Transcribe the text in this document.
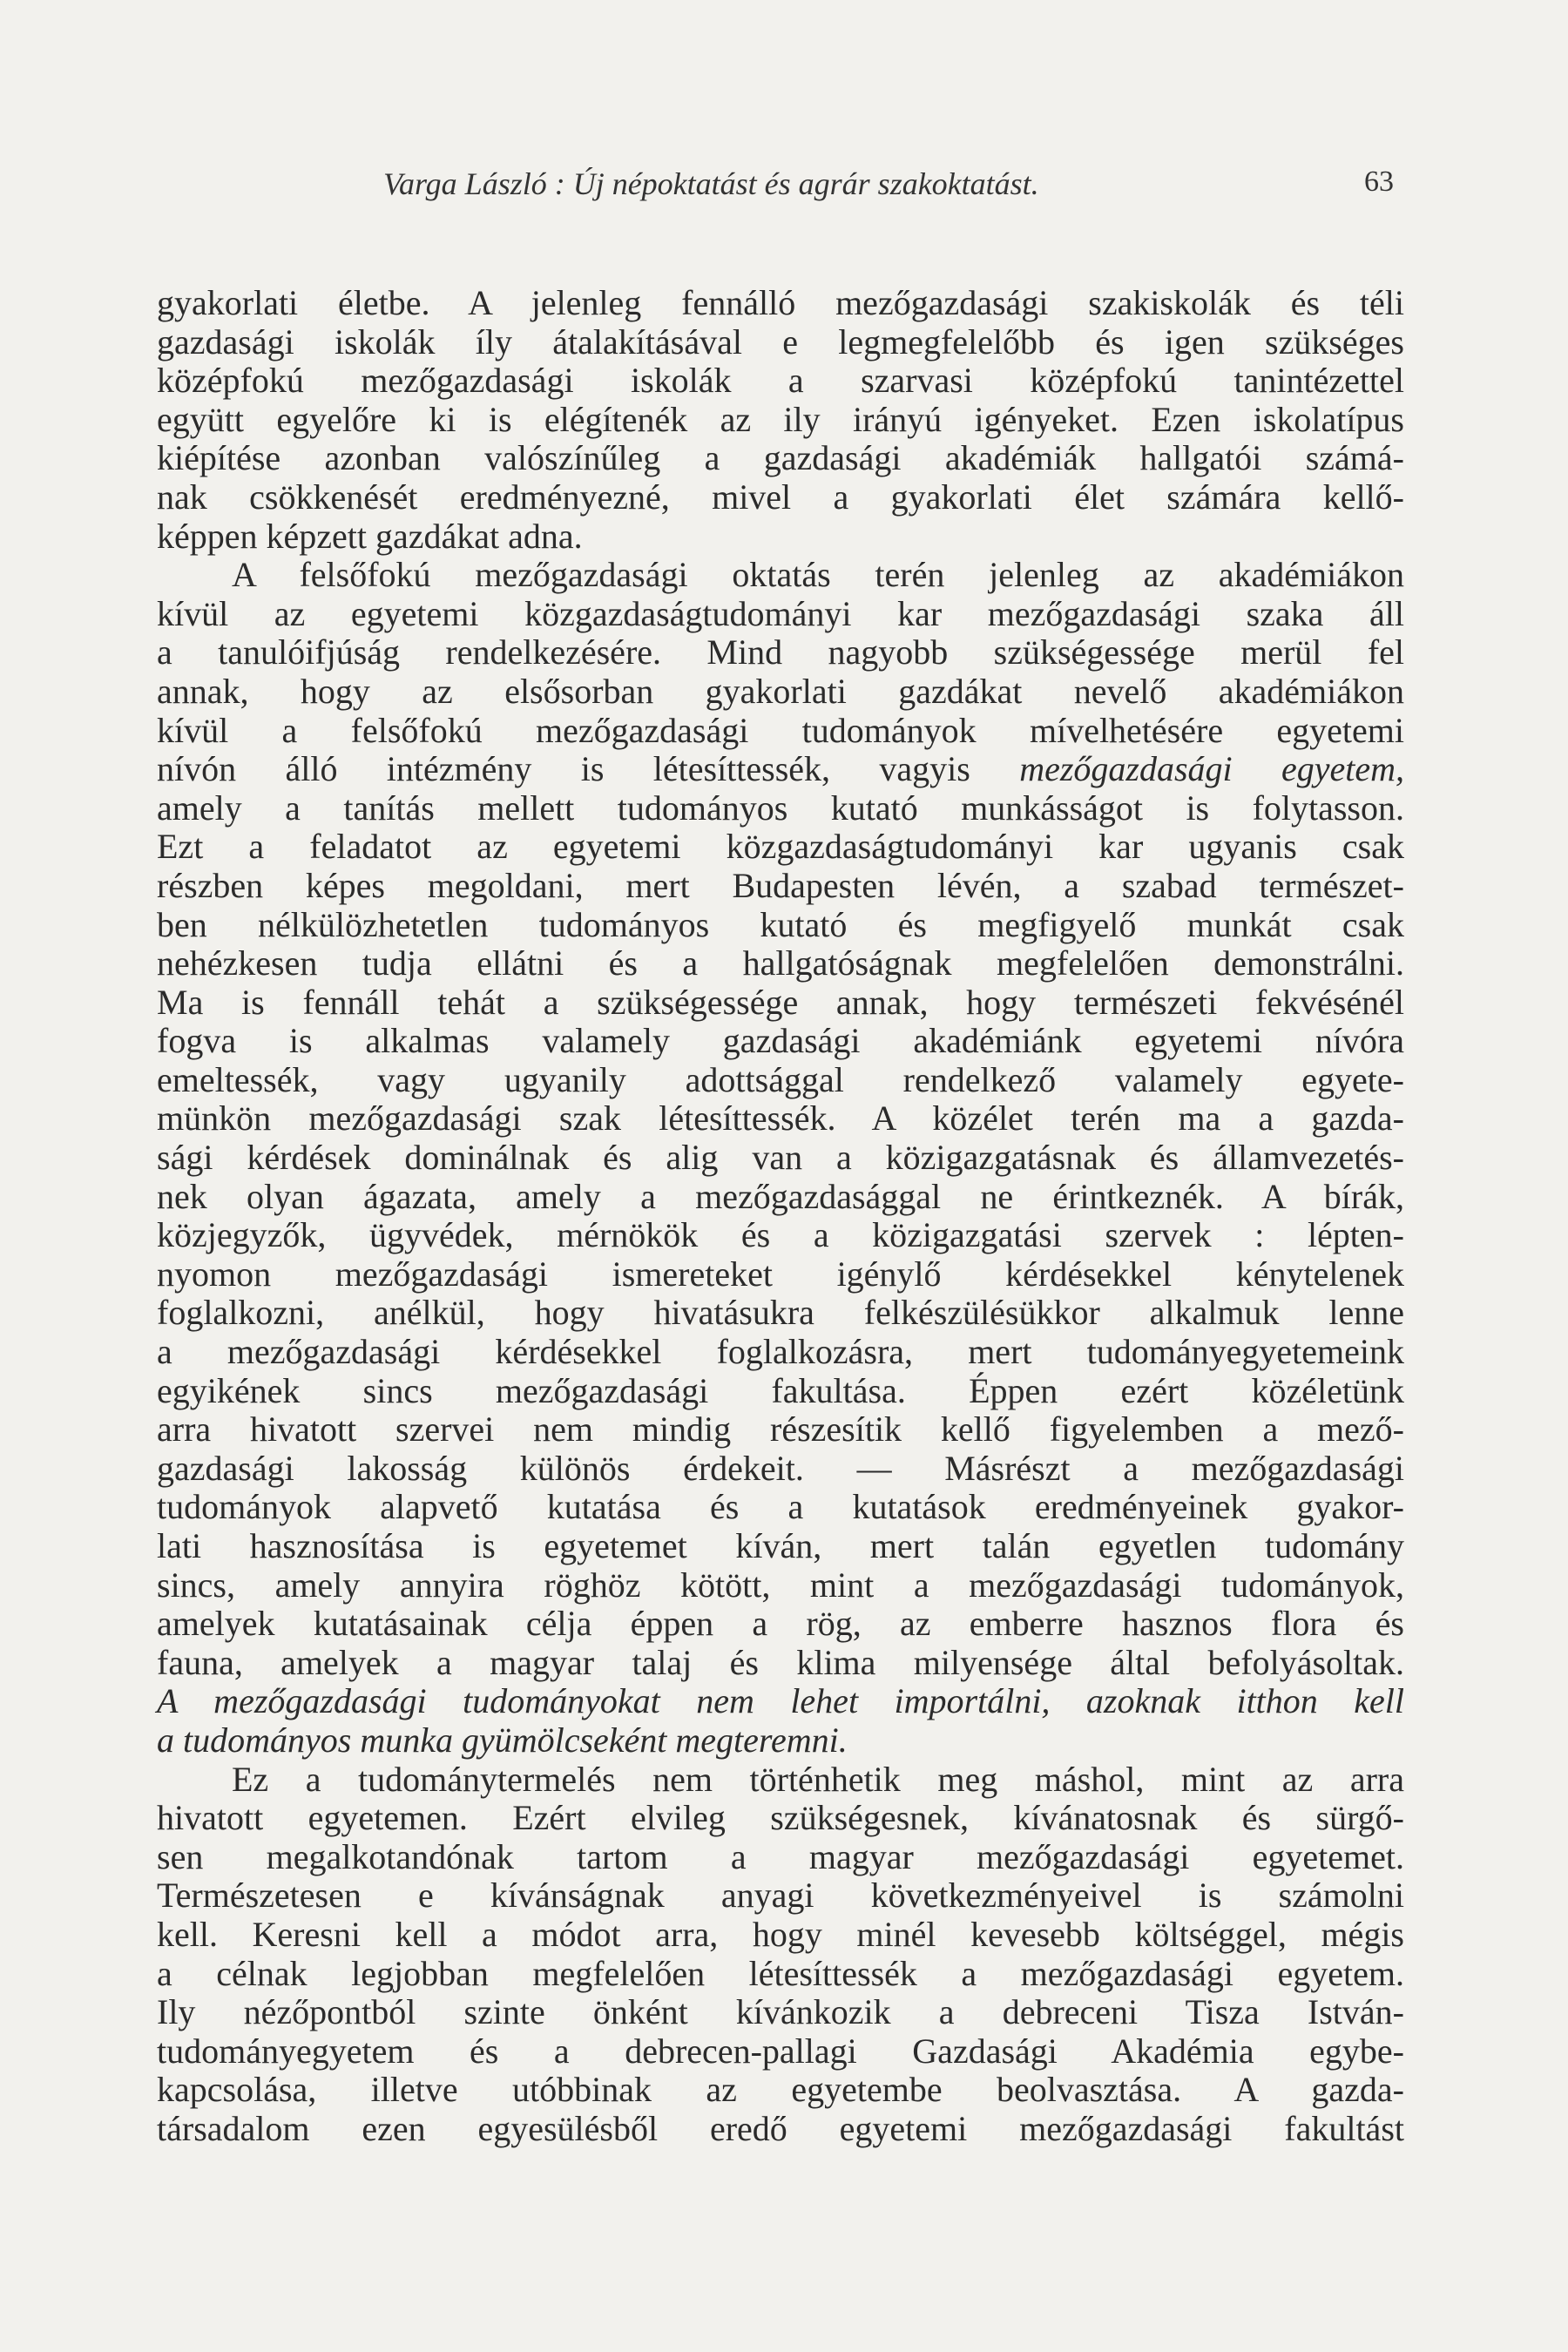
Varga László : Új népoktatást és agrár szakoktatást.	63
gyakorlati életbe. A jelenleg fennálló mezőgazdasági szakiskolák és téli
gazdasági iskolák íly átalakításával e legmegfelelőbb és igen szükséges
középfokú mezőgazdasági iskolák a szarvasi középfokú tanintézettel
együtt egyelőre ki is elégítenék az ily irányú igényeket. Ezen iskolatípus
kiépítése azonban valószínűleg a gazdasági akadémiák hallgatói számá-
nak csökkenését eredményezné, mivel a gyakorlati élet számára kellő-
képpen képzett gazdákat adna.
A felsőfokú mezőgazdasági oktatás terén jelenleg az akadémiákon
kívül az egyetemi közgazdaságtudományi kar mezőgazdasági szaka áll
a tanulóifjúság rendelkezésére. Mind nagyobb szükségessége merül fel
annak, hogy az elsősorban gyakorlati gazdákat nevelő akadémiákon
kívül a felsőfokú mezőgazdasági tudományok mívelhetésére egyetemi
nívón álló intézmény is létesíttessék, vagyis mezőgazdasági egyetem,
amely a tanítás mellett tudományos kutató munkásságot is folytasson.
Ezt a feladatot az egyetemi közgazdaságtudományi kar ugyanis csak
részben képes megoldani, mert Budapesten lévén, a szabad természet-
ben nélkülözhetetlen tudományos kutató és megfigyelő munkát csak
nehézkesen tudja ellátni és a hallgatóságnak megfelelően demonstrálni.
Ma is fennáll tehát a szükségessége annak, hogy természeti fekvésénél
fogva is alkalmas valamely gazdasági akadémiánk egyetemi nívóra
emeltessék, vagy ugyanily adottsággal rendelkező valamely egyete-
münkön mezőgazdasági szak létesíttessék. A közélet terén ma a gazda-
sági kérdések dominálnak és alig van a közigazgatásnak és államvezetés-
nek olyan ágazata, amely a mezőgazdasággal ne érintkeznék. A bírák,
közjegyzők, ügyvédek, mérnökök és a közigazgatási szervek : lépten-
nyomon mezőgazdasági ismereteket igénylő kérdésekkel kénytelenek
foglalkozni, anélkül, hogy hivatásukra felkészülésükkor alkalmuk lenne
a mezőgazdasági kérdésekkel foglalkozásra, mert tudományegyetemeink
egyikének sincs mezőgazdasági fakultása. Éppen ezért közéletünk
arra hivatott szervei nem mindig részesítik kellő figyelemben a mező-
gazdasági lakosság különös érdekeit. — Másrészt a mezőgazdasági
tudományok alapvető kutatása és a kutatások eredményeinek gyakor-
lati hasznosítása is egyetemet kíván, mert talán egyetlen tudomány
sincs, amely annyira röghöz kötött, mint a mezőgazdasági tudományok,
amelyek kutatásainak célja éppen a rög, az emberre hasznos flora és
fauna, amelyek a magyar talaj és klima milyensége által befolyásoltak.
A mezőgazdasági tudományokat nem lehet importálni, azoknak itthon kell
a tudományos munka gyümölcseként megteremni.
Ez a tudománytermelés nem történhetik meg máshol, mint az arra
hivatott egyetemen. Ezért elvileg szükségesnek, kívánatosnak és sürgő-
sen megalkotandónak tartom a magyar mezőgazdasági egyetemet.
Természetesen e kívánságnak anyagi következményeivel is számolni
kell. Keresni kell a módot arra, hogy minél kevesebb költséggel, mégis
a célnak legjobban megfelelően létesíttessék a mezőgazdasági egyetem.
Ily nézőpontból szinte önként kívánkozik a debreceni Tisza István-
tudományegyetem és a debrecen-pallagi Gazdasági Akadémia egybe-
kapcsolása, illetve utóbbinak az egyetembe beolvasztása. A gazda-
társadalom ezen egyesülésből eredő egyetemi mezőgazdasági fakultást
